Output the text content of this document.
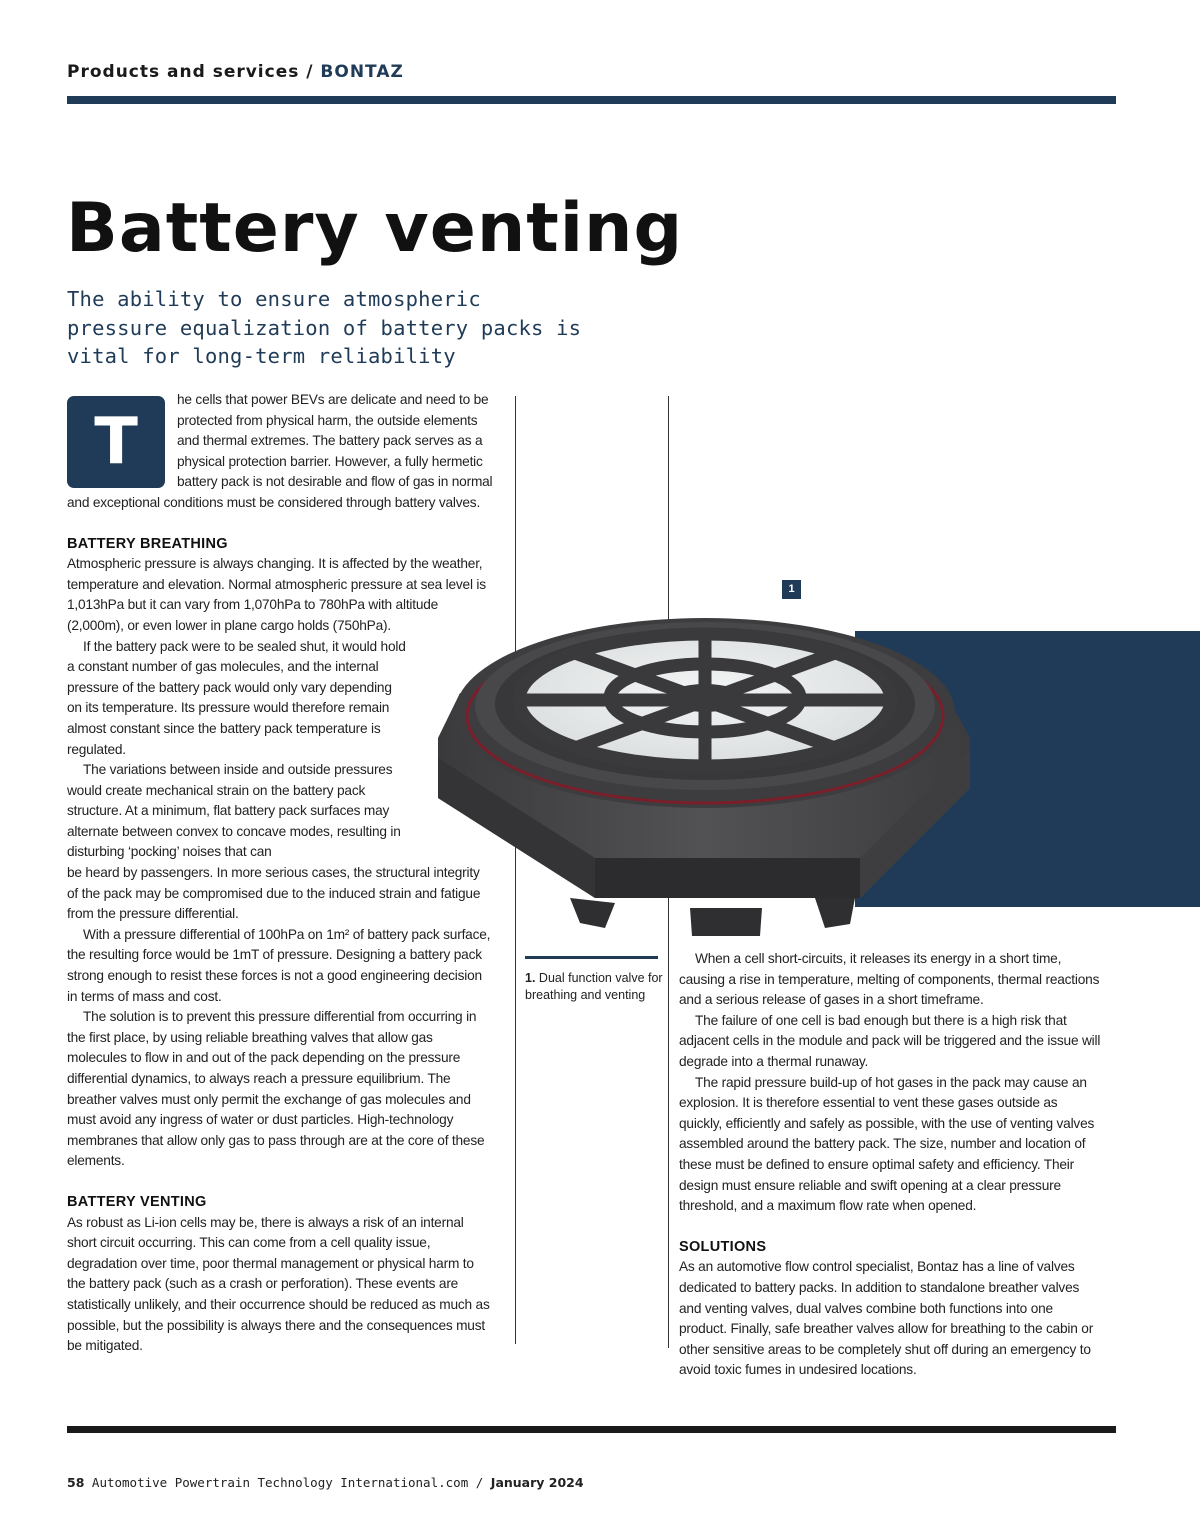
Products and services / BONTAZ
Battery venting
The ability to ensure atmospheric pressure equalization of battery packs is vital for long-term reliability
T

he cells that power BEVs are delicate and need to be protected from physical harm, the outside elements and thermal extremes. The battery pack serves as a physical protection barrier. However, a fully hermetic battery pack is not desirable and flow of gas in normal and exceptional conditions must be considered through battery valves.

BATTERY BREATHING

Atmospheric pressure is always changing. It is affected by the weather, temperature and elevation. Normal atmospheric pressure at sea level is 1,013hPa but it can vary from 1,070hPa to 780hPa with altitude (2,000m), or even lower in plane cargo holds (750hPa).

If the battery pack were to be sealed shut, it would hold a constant number of gas molecules, and the internal pressure of the battery pack would only vary depending on its temperature. Its pressure would therefore remain almost constant since the battery pack temperature is regulated.

The variations between inside and outside pressures would create mechanical strain on the battery pack structure. At a minimum, flat battery pack surfaces may alternate between convex to concave modes, resulting in disturbing ‘pocking’ noises that can

be heard by passengers. In more serious cases, the structural integrity of the pack may be compromised due to the induced strain and fatigue from the pressure differential.

With a pressure differential of 100hPa on 1m² of battery pack surface, the resulting force would be 1mT of pressure. Designing a battery pack strong enough to resist these forces is not a good engineering decision in terms of mass and cost.

The solution is to prevent this pressure differential from occurring in the first place, by using reliable breathing valves that allow gas molecules to flow in and out of the pack depending on the pressure differential dynamics, to always reach a pressure equilibrium. The breather valves must only permit the exchange of gas molecules and must avoid any ingress of water or dust particles. High-technology membranes that allow only gas to pass through are at the core of these elements.

BATTERY VENTING

As robust as Li-ion cells may be, there is always a risk of an internal short circuit occurring. This can come from a cell quality issue, degradation over time, poor thermal management or physical harm to the battery pack (such as a crash or perforation). These events are statistically unlikely, and their occurrence should be reduced as much as possible, but the possibility is always there and the consequences must be mitigated.

1
1. Dual function valve for breathing and venting

When a cell short-circuits, it releases its energy in a short time, causing a rise in temperature, melting of components, thermal reactions and a serious release of gases in a short timeframe.

The failure of one cell is bad enough but there is a high risk that adjacent cells in the module and pack will be triggered and the issue will degrade into a thermal runaway.

The rapid pressure build-up of hot gases in the pack may cause an explosion. It is therefore essential to vent these gases outside as quickly, efficiently and safely as possible, with the use of venting valves assembled around the battery pack. The size, number and location of these must be defined to ensure optimal safety and efficiency. Their design must ensure reliable and swift opening at a clear pressure threshold, and a maximum flow rate when opened.

SOLUTIONS

As an automotive flow control specialist, Bontaz has a line of valves dedicated to battery packs. In addition to standalone breather valves and venting valves, dual valves combine both functions into one product. Finally, safe breather valves allow for breathing to the cabin or other sensitive areas to be completely shut off during an emergency to avoid toxic fumes in undesired locations.

58 Automotive Powertrain Technology International.com / January 2024
